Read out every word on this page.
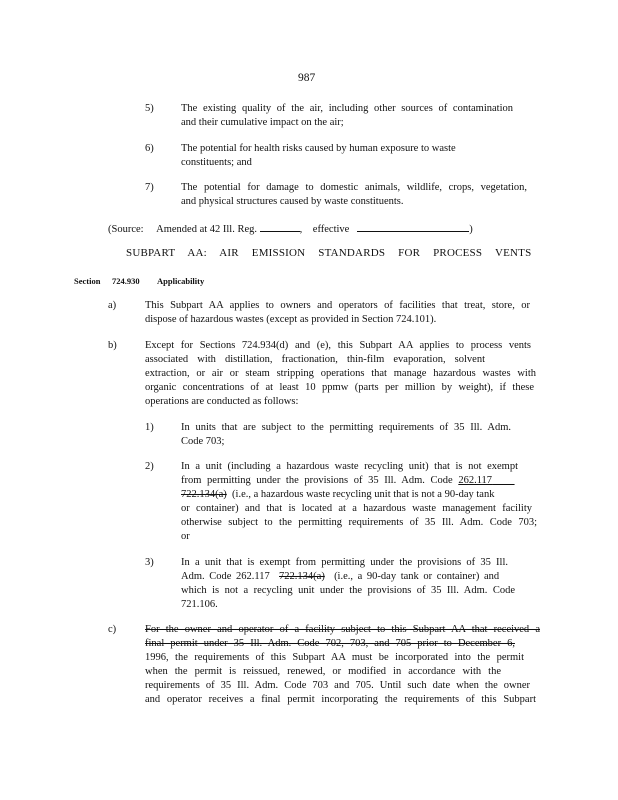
987
5)	The existing quality of the air, including other sources of contamination
and their cumulative impact on the air;
6)	The potential for health risks caused by human exposure to waste
constituents; and
7)	The potential for damage to domestic animals, wildlife, crops, vegetation,
and physical structures caused by waste constituents.
(Source: Amended at 42 Ill. Reg.	,    effective	)
SUBPART AA: AIR EMISSION STANDARDS FOR PROCESS VENTS
Section 724.930 Applicability
a)	This Subpart AA applies to owners and operators of facilities that treat, store, or
dispose of hazardous wastes (except as provided in Section 724.101).
b)	Except for Sections 724.934(d) and (e), this Subpart AA applies to process vents
associated with distillation, fractionation, thin-film evaporation, solvent
extraction, or air or steam stripping operations that manage hazardous wastes with
organic concentrations of at least 10 ppmw (parts per million by weight), if these
operations are conducted as follows:
1)	In units that are subject to the permitting requirements of 35 Ill. Adm.
Code 703;
2)	In a unit (including a hazardous waste recycling unit) that is not exempt
from permitting under the provisions of 35 Ill. Adm. Code 262.117
722.134(a) (i.e., a hazardous waste recycling unit that is not a 90-day tank
or container) and that is located at a hazardous waste management facility
otherwise subject to the permitting requirements of 35 Ill. Adm. Code 703;
or
3)	In a unit that is exempt from permitting under the provisions of 35 Ill.
Adm. Code 262.117 722.134(a) (i.e., a 90-day tank or container) and
which is not a recycling unit under the provisions of 35 Ill. Adm. Code
721.106.
c)	For the owner and operator of a facility subject to this Subpart AA that received a
final permit under 35 Ill. Adm. Code 702, 703, and 705 prior to December 6,
1996, the requirements of this Subpart AA must be incorporated into the permit
when the permit is reissued, renewed, or modified in accordance with the
requirements of 35 Ill. Adm. Code 703 and 705. Until such date when the owner
and operator receives a final permit incorporating the requirements of this Subpart
